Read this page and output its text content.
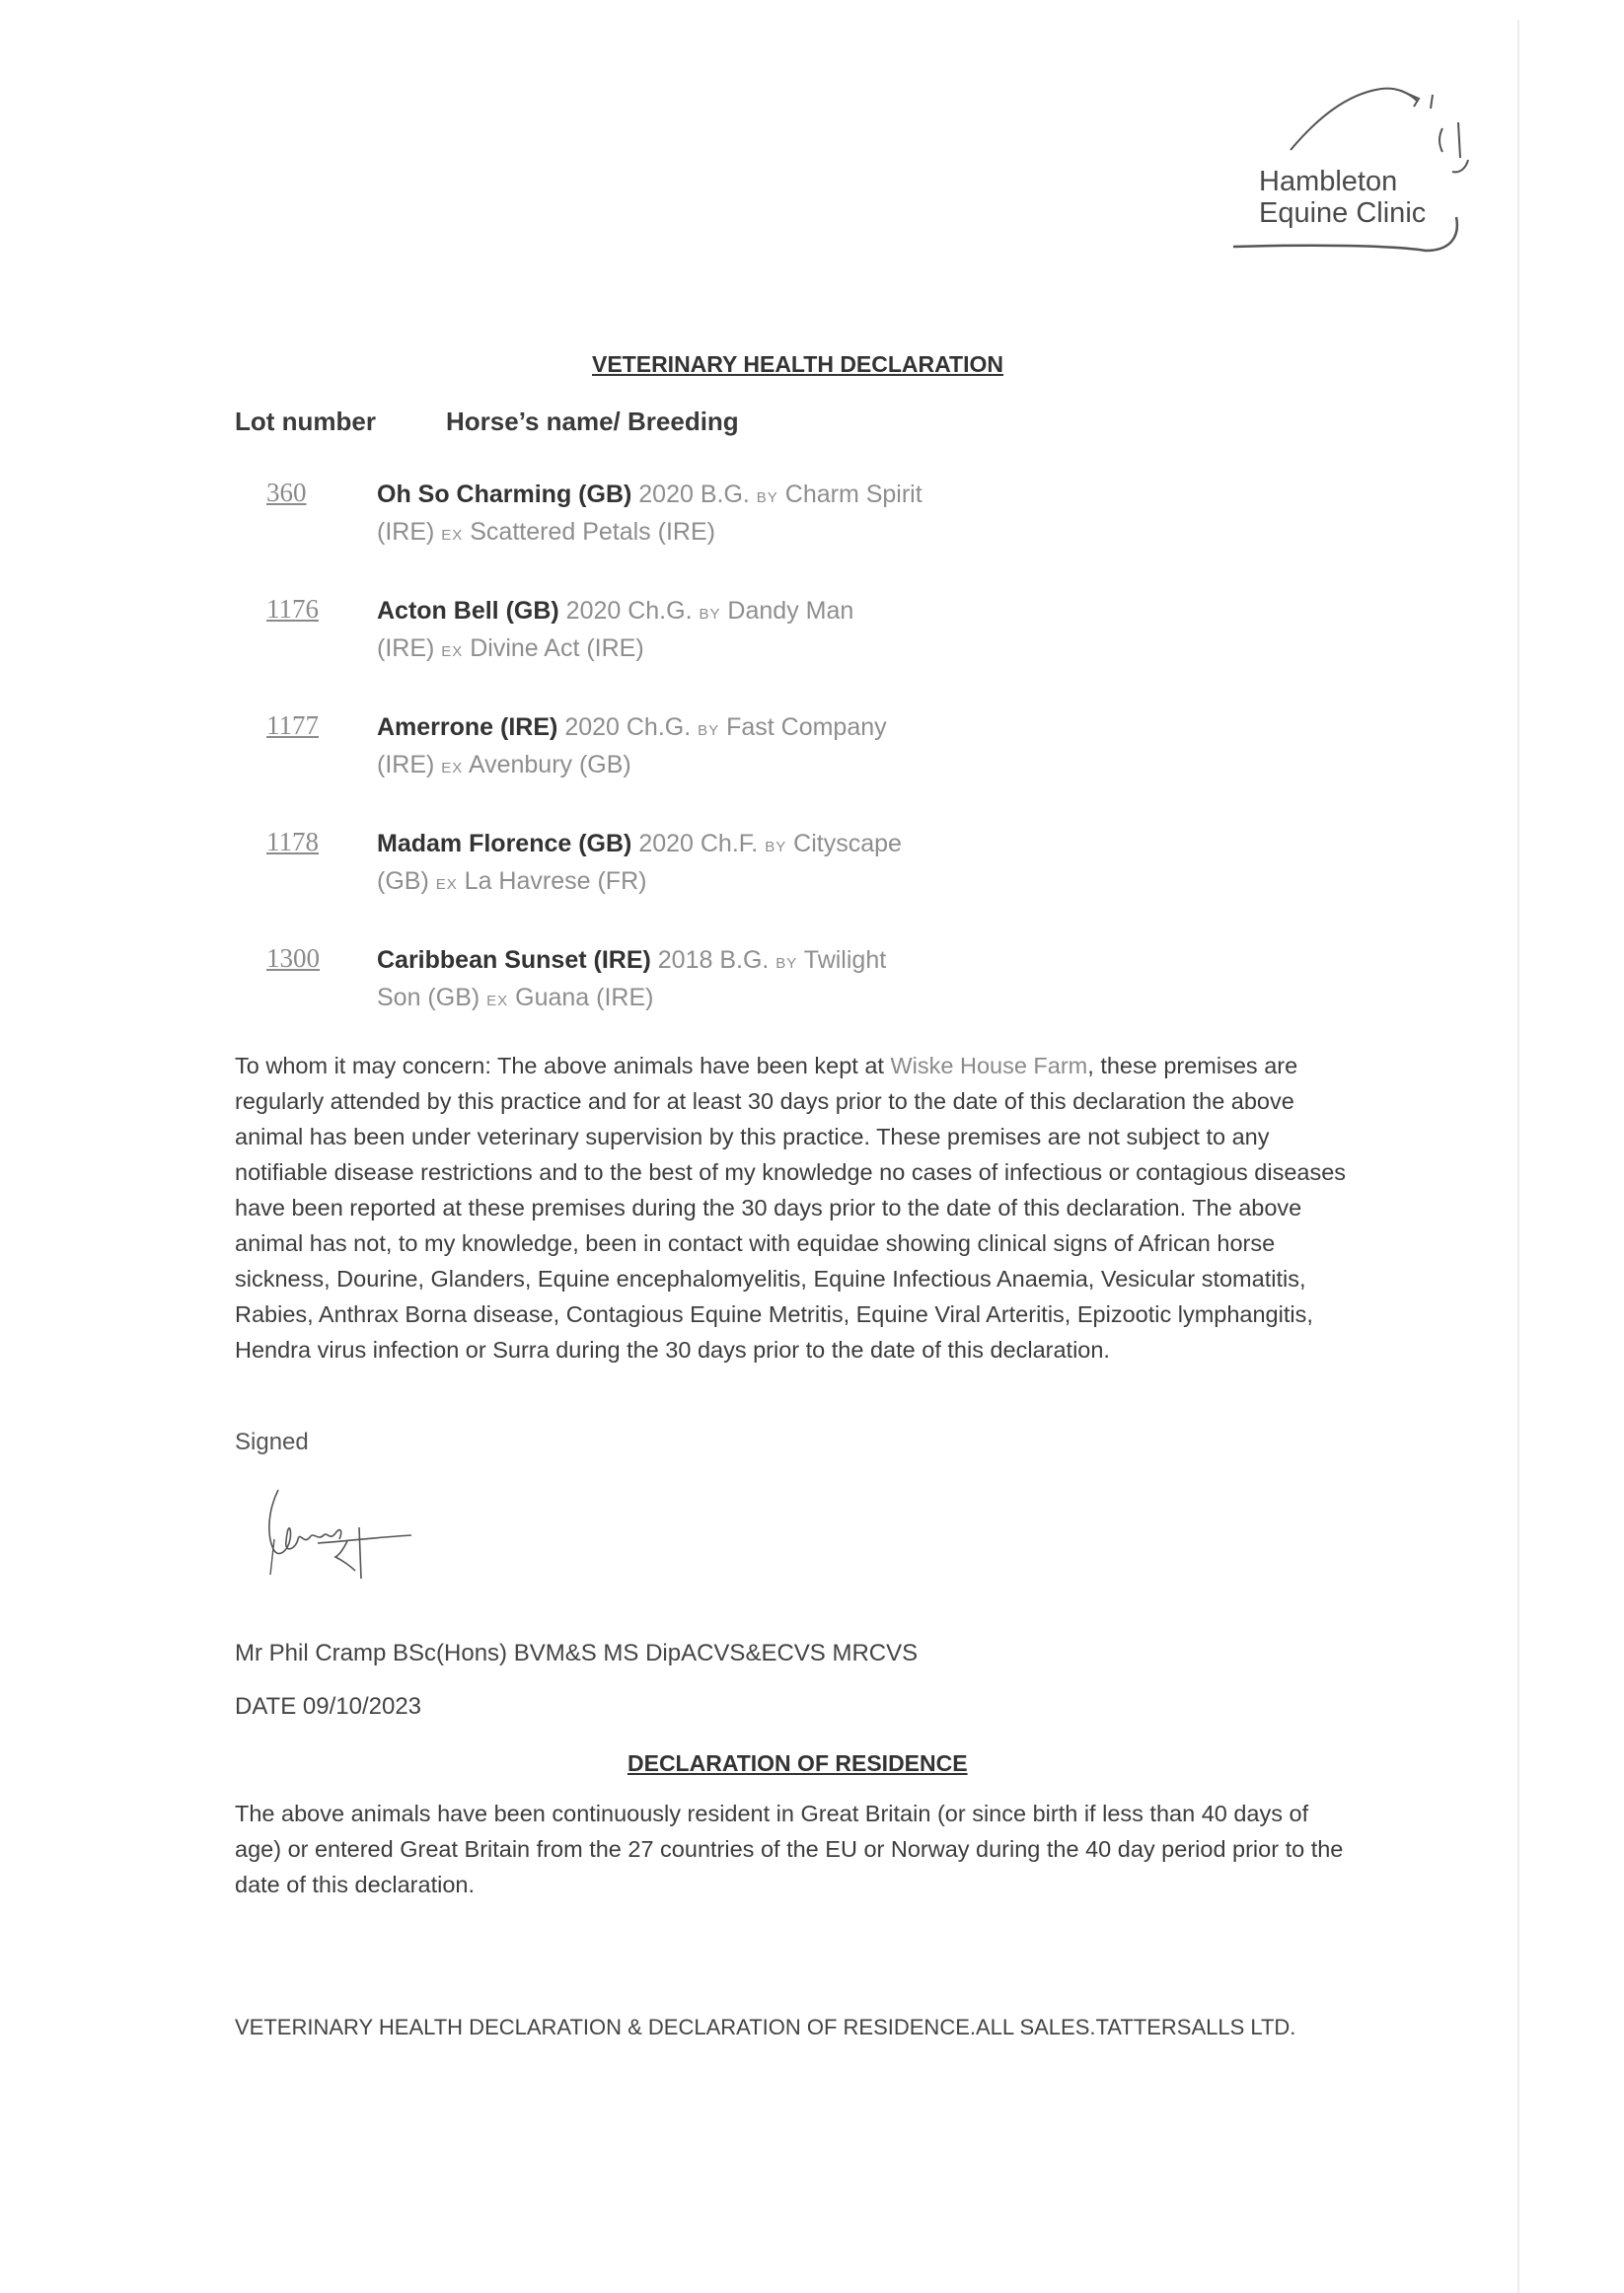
Hambleton
Equine Clinic
VETERINARY HEALTH DECLARATION
Lot number	Horse’s name/ Breeding
360	Oh So Charming (GB) 2020 B.G. BY Charm Spirit
(IRE) EX Scattered Petals (IRE)
1176 Acton Bell (GB) 2020 Ch.G. BY Dandy Man
(IRE) EX Divine Act (IRE)
1177 Amerrone (IRE) 2020 Ch.G. BY Fast Company
(IRE) EX Avenbury (GB)
1178 Madam Florence (GB) 2020 Ch.F. BY Cityscape
(GB) EX La Havrese (FR)
1300 Caribbean Sunset (IRE) 2018 B.G. BY Twilight
Son (GB) EX Guana (IRE)
To whom it may concern: The above animals have been kept at Wiske House Farm, these premises are regularly attended by this practice and for at least 30 days prior to the date of this declaration the above animal has been under veterinary supervision by this practice. These premises are not subject to any notifiable disease restrictions and to the best of my knowledge no cases of infectious or contagious diseases have been reported at these premises during the 30 days prior to the date of this declaration. The above animal has not, to my knowledge, been in contact with equidae showing clinical signs of African horse sickness, Dourine, Glanders, Equine encephalomyelitis, Equine Infectious Anaemia, Vesicular stomatitis, Rabies, Anthrax Borna disease, Contagious Equine Metritis, Equine Viral Arteritis, Epizootic lymphangitis, Hendra virus infection or Surra during the 30 days prior to the date of this declaration.
Signed
Mr Phil Cramp BSc(Hons) BVM&S MS DipACVS&ECVS MRCVS
DATE 09/10/2023
DECLARATION OF RESIDENCE
The above animals have been continuously resident in Great Britain (or since birth if less than 40 days of age) or entered Great Britain from the 27 countries of the EU or Norway during the 40 day period prior to the date of this declaration.
VETERINARY HEALTH DECLARATION & DECLARATION OF RESIDENCE.ALL SALES.TATTERSALLS LTD.
